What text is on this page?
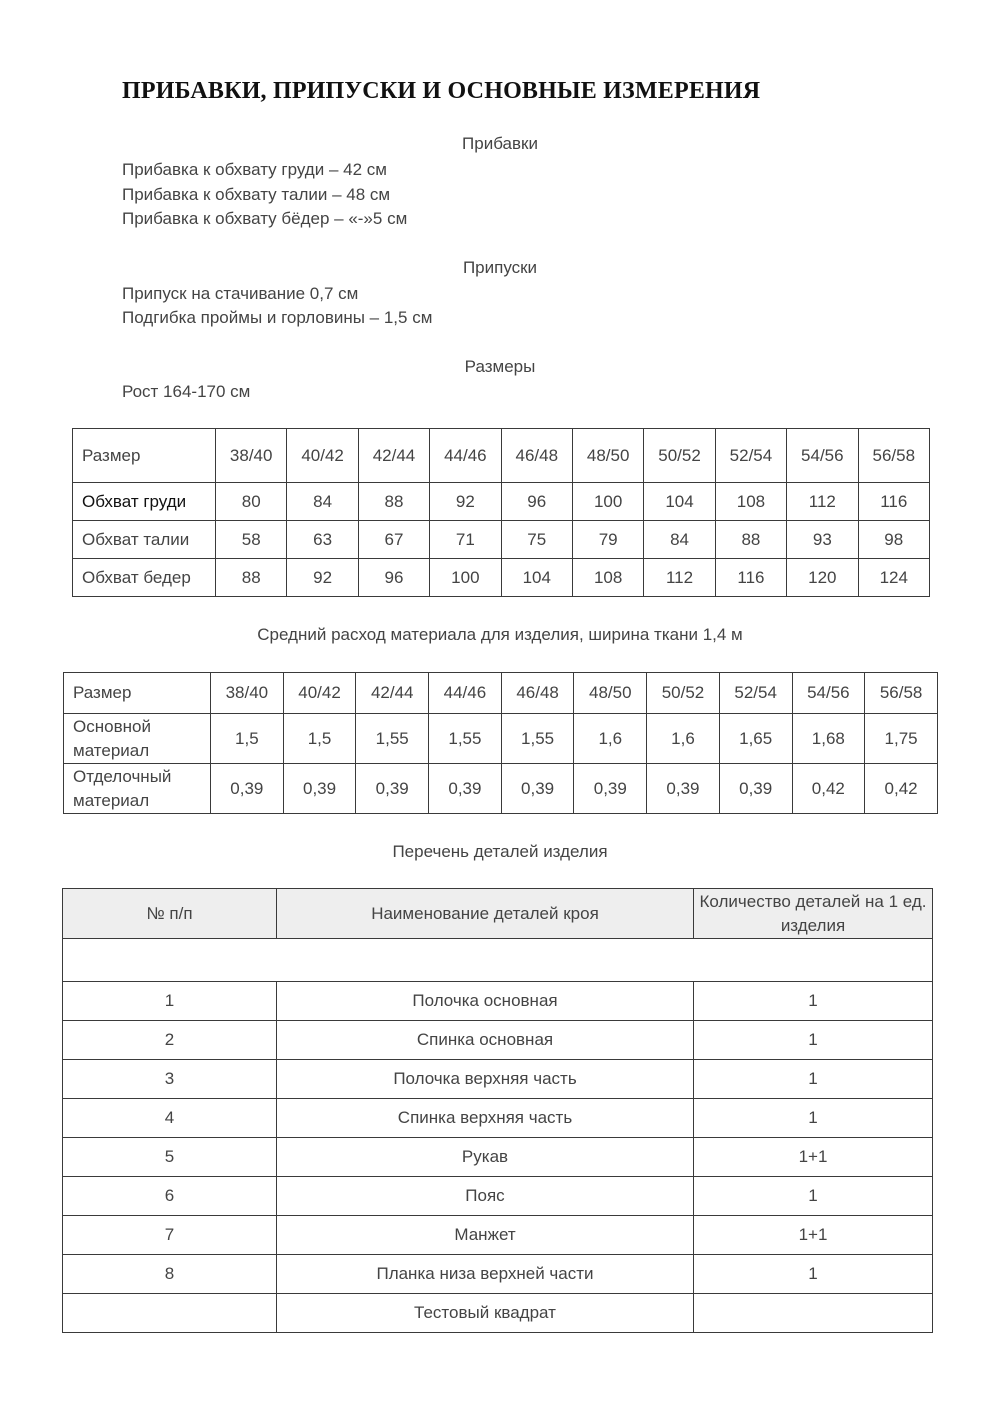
ПРИБАВКИ, ПРИПУСКИ И ОСНОВНЫЕ ИЗМЕРЕНИЯ
Прибавки
Прибавка к обхвату груди – 42 см
Прибавка к обхвату талии – 48 см
Прибавка к обхвату бёдер – «-»5 см
Припуски
Припуск на стачивание 0,7 см
Подгибка проймы и горловины – 1,5 см
Размеры
Рост 164-170 см
Размер	38/40	40/42	42/44	44/46	46/48	48/50	50/52	52/54	54/56	56/58
Обхват груди	80	84	88	92	96	100	104	108	112	116
Обхват талии	58	63	67	71	75	79	84	88	93	98
Обхват бедер	88	92	96	100	104	108	112	116	120	124
Средний расход материала для изделия, ширина ткани 1,4 м
Размер	38/40	40/42	42/44	44/46	46/48	48/50	50/52	52/54	54/56	56/58
Основной материал	1,5	1,5	1,55	1,55	1,55	1,6	1,6	1,65	1,68	1,75
Отделочный материал	0,39	0,39	0,39	0,39	0,39	0,39	0,39	0,39	0,42	0,42
Перечень деталей изделия
№ п/п	Наименование деталей кроя	Количество деталей на 1 ед. изделия

1	Полочка основная	1
2	Спинка основная	1
3	Полочка верхняя часть	1
4	Спинка верхняя часть	1
5	Рукав	1+1
6	Пояс	1
7	Манжет	1+1
8	Планка низа верхней части	1
	Тестовый квадрат	
